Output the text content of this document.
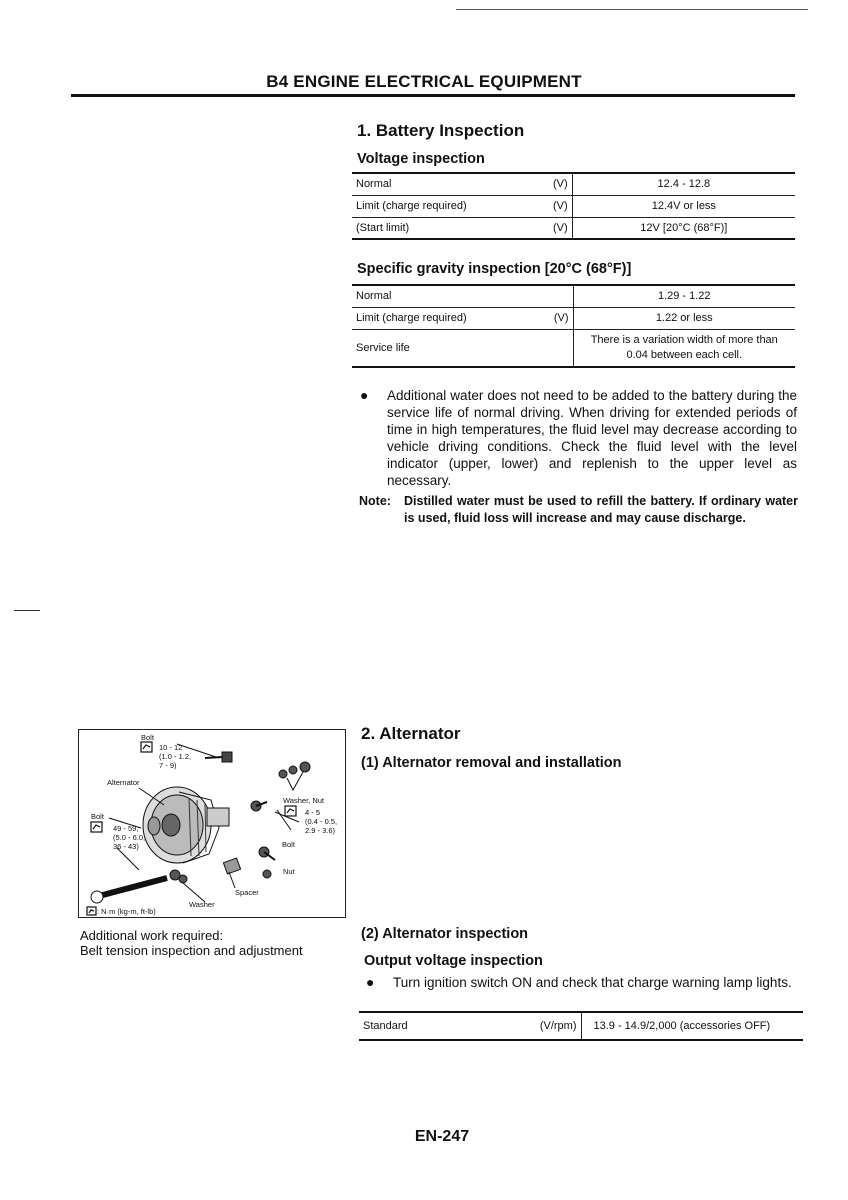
B4 ENGINE ELECTRICAL EQUIPMENT
1. Battery Inspection
Voltage inspection
Normal (V)	12.4 - 12.8

Limit (charge required) (V)	12.4V or less

(Start limit) (V)	12V [20°C (68°F)]
Specific gravity inspection [20°C (68°F)]
Normal	1.29 - 1.22

Limit (charge required) (V)	1.22 or less

Service life	There is a variation width of more than 0.04 between each cell.
● Additional water does not need to be added to the battery during the service life of normal driving. When driving for extended periods of time in high temperatures, the fluid level may decrease according to vehicle driving conditions. Check the fluid level with the level indicator (upper, lower) and replenish to the upper level as necessary.
Note:	Distilled water must be used to refill the battery. If ordinary water is used, fluid loss will increase and may cause discharge.
Bolt
10 - 12
(1.0 - 1.2,
7 - 9)
Alternator
Bolt
49 - 59,
(5.0 - 6.0,
36 - 43)
Washer, Nut
4 - 5
(0.4 - 0.5,
2.9 - 3.6)
Bolt
Nut
Spacer
Washer
: N·m (kg-m, ft-lb)
Additional work required:
Belt tension inspection and adjustment
2. Alternator
(1) Alternator removal and installation
(2) Alternator inspection
Output voltage inspection
● Turn ignition switch ON and check that charge warning lamp lights.
Standard	(V/rpm)	13.9 - 14.9/2,000 (accessories OFF)
EN-247
